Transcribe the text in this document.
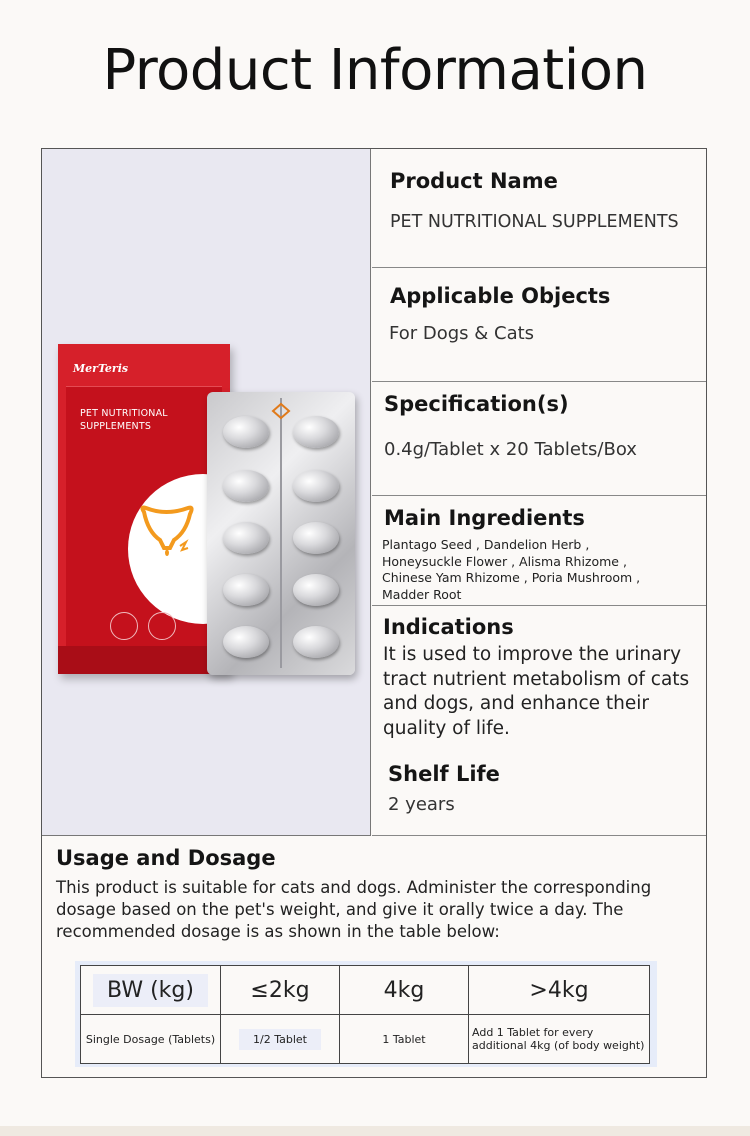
Product Information
MerTeris
PET NUTRITIONAL SUPPLEMENTS
Product Name
PET NUTRITIONAL SUPPLEMENTS
Applicable Objects
For Dogs & Cats
Specification(s)
0.4g/Tablet x 20 Tablets/Box
Main Ingredients
Plantago Seed , Dandelion Herb , Honeysuckle Flower , Alisma Rhizome , Chinese Yam Rhizome , Poria Mushroom , Madder Root
Indications
It is used to improve the urinary tract nutrient metabolism of cats and dogs, and enhance their quality of life.
Shelf Life
2 years
Usage and Dosage
This product is suitable for cats and dogs. Administer the corresponding dosage based on the pet's weight, and give it orally twice a day. The recommended dosage is as shown in the table below:
BW (kg)	≤2kg	4kg	>4kg
Single Dosage (Tablets)	1/2 Tablet	1 Tablet	Add 1 Tablet for every additional 4kg (of body weight)
